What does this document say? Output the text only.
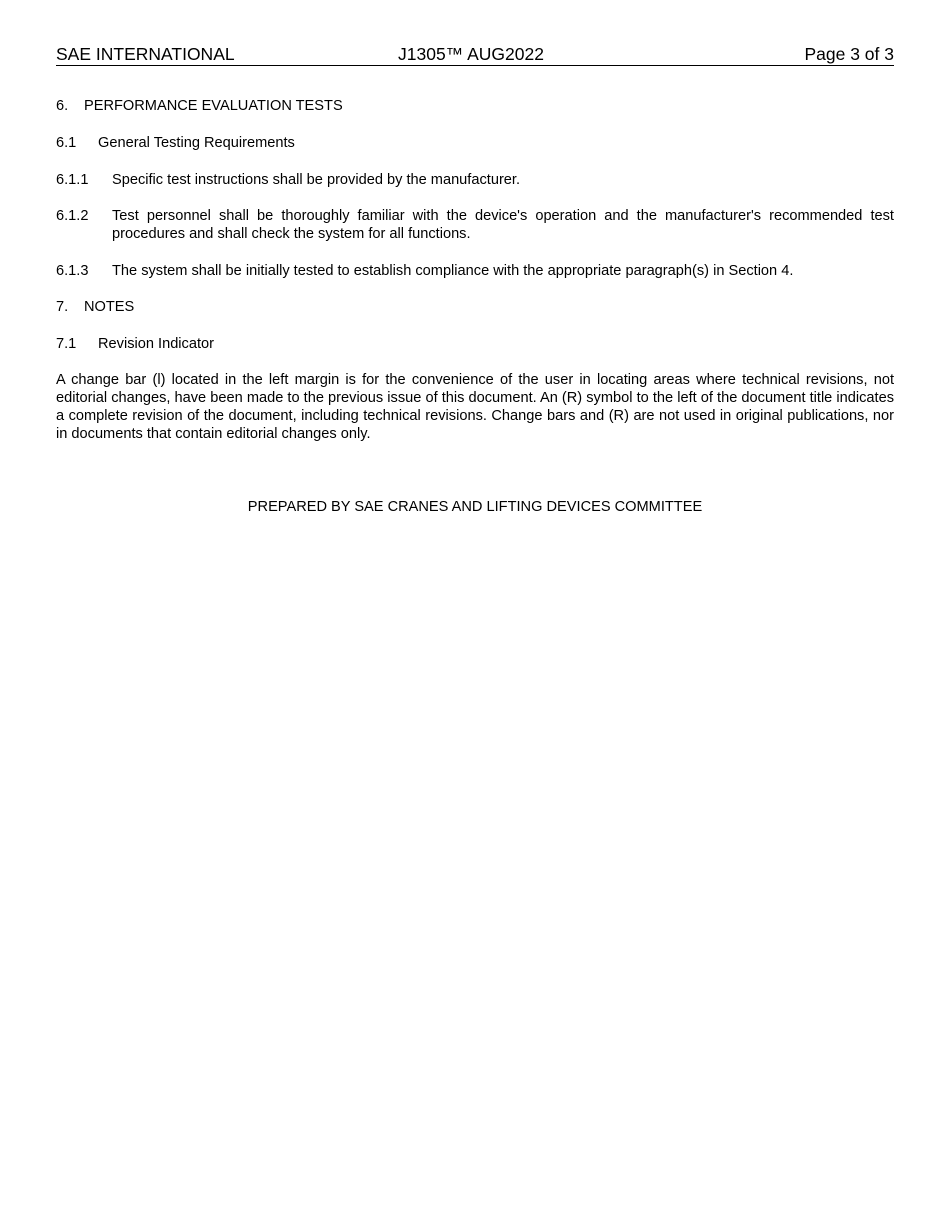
SAE INTERNATIONAL	J1305™ AUG2022	Page 3 of 3
6. PERFORMANCE EVALUATION TESTS
6.1 General Testing Requirements
6.1.1 Specific test instructions shall be provided by the manufacturer.
6.1.2 Test personnel shall be thoroughly familiar with the device's operation and the manufacturer's recommended test procedures and shall check the system for all functions.
6.1.3 The system shall be initially tested to establish compliance with the appropriate paragraph(s) in Section 4.
7. NOTES
7.1 Revision Indicator
A change bar (l) located in the left margin is for the convenience of the user in locating areas where technical revisions, not editorial changes, have been made to the previous issue of this document. An (R) symbol to the left of the document title indicates a complete revision of the document, including technical revisions. Change bars and (R) are not used in original publications, nor in documents that contain editorial changes only.
PREPARED BY SAE CRANES AND LIFTING DEVICES COMMITTEE
